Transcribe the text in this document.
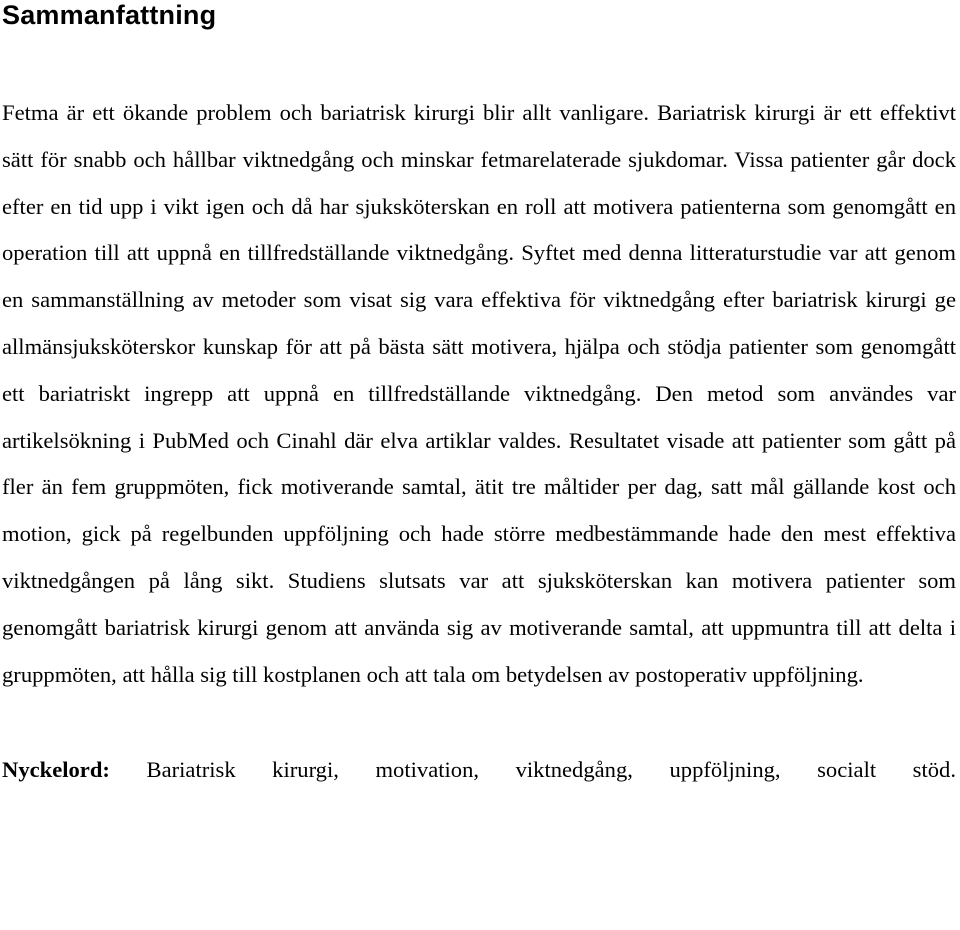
Sammanfattning

Fetma är ett ökande problem och bariatrisk kirurgi blir allt vanligare. Bariatrisk kirurgi är ett effektivt sätt för snabb och hållbar viktnedgång och minskar fetmarelaterade sjukdomar. Vissa patienter går dock efter en tid upp i vikt igen och då har sjuksköterskan en roll att motivera patienterna som genomgått en operation till att uppnå en tillfredställande viktnedgång. Syftet med denna litteraturstudie var att genom en sammanställning av metoder som visat sig vara effektiva för viktnedgång efter bariatrisk kirurgi ge allmänsjuksköterskor kunskap för att på bästa sätt motivera, hjälpa och stödja patienter som genomgått ett bariatriskt ingrepp att uppnå en tillfredställande viktnedgång. Den metod som användes var artikelsökning i PubMed och Cinahl där elva artiklar valdes. Resultatet visade att patienter som gått på fler än fem gruppmöten, fick motiverande samtal, ätit tre måltider per dag, satt mål gällande kost och motion, gick på regelbunden uppföljning och hade större medbestämmande hade den mest effektiva viktnedgången på lång sikt. Studiens slutsats var att sjuksköterskan kan motivera patienter som genomgått bariatrisk kirurgi genom att använda sig av motiverande samtal, att uppmuntra till att delta i gruppmöten, att hålla sig till kostplanen och att tala om betydelsen av postoperativ uppföljning.

Nyckelord: Bariatrisk kirurgi, motivation, viktnedgång, uppföljning, socialt stöd.
